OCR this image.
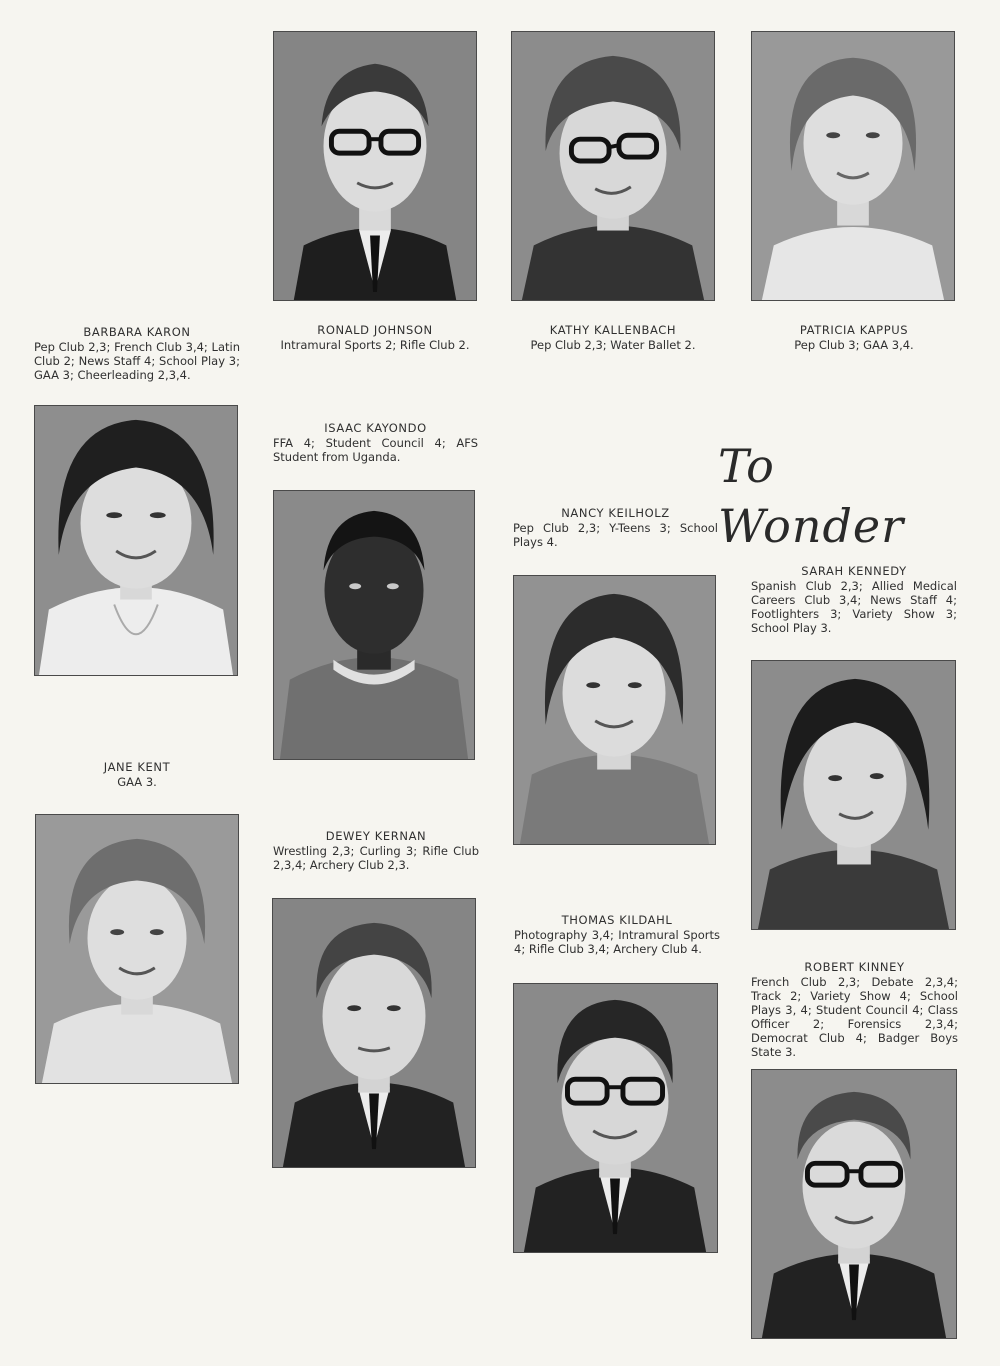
To Wonder
BARBARA KARON
Pep Club 2,3; French Club 3,4; Latin Club 2; News Staff 4; School Play 3; GAA 3; Cheerleading 2,3,4.
RONALD JOHNSON
Intramural Sports 2; Rifle Club 2.
KATHY KALLENBACH
Pep Club 2,3; Water Ballet 2.
PATRICIA KAPPUS
Pep Club 3; GAA 3,4.
ISAAC KAYONDO
FFA 4; Student Council 4; AFS Student from Uganda.
NANCY KEILHOLZ
Pep Club 2,3; Y-Teens 3; School Plays 4.
SARAH KENNEDY
Spanish Club 2,3; Allied Medical Careers Club 3,4; News Staff 4; Footlighters 3; Variety Show 3; School Play 3.
JANE KENT
GAA 3.
DEWEY KERNAN
Wrestling 2,3; Curling 3; Rifle Club 2,3,4; Archery Club 2,3.
THOMAS KILDAHL
Photography 3,4; Intramural Sports 4; Rifle Club 3,4; Archery Club 4.
ROBERT KINNEY
French Club 2,3; Debate 2,3,4; Track 2; Variety Show 4; School Plays 3, 4; Student Council 4; Class Officer 2; Forensics 2,3,4; Democrat Club 4; Badger Boys State 3.
